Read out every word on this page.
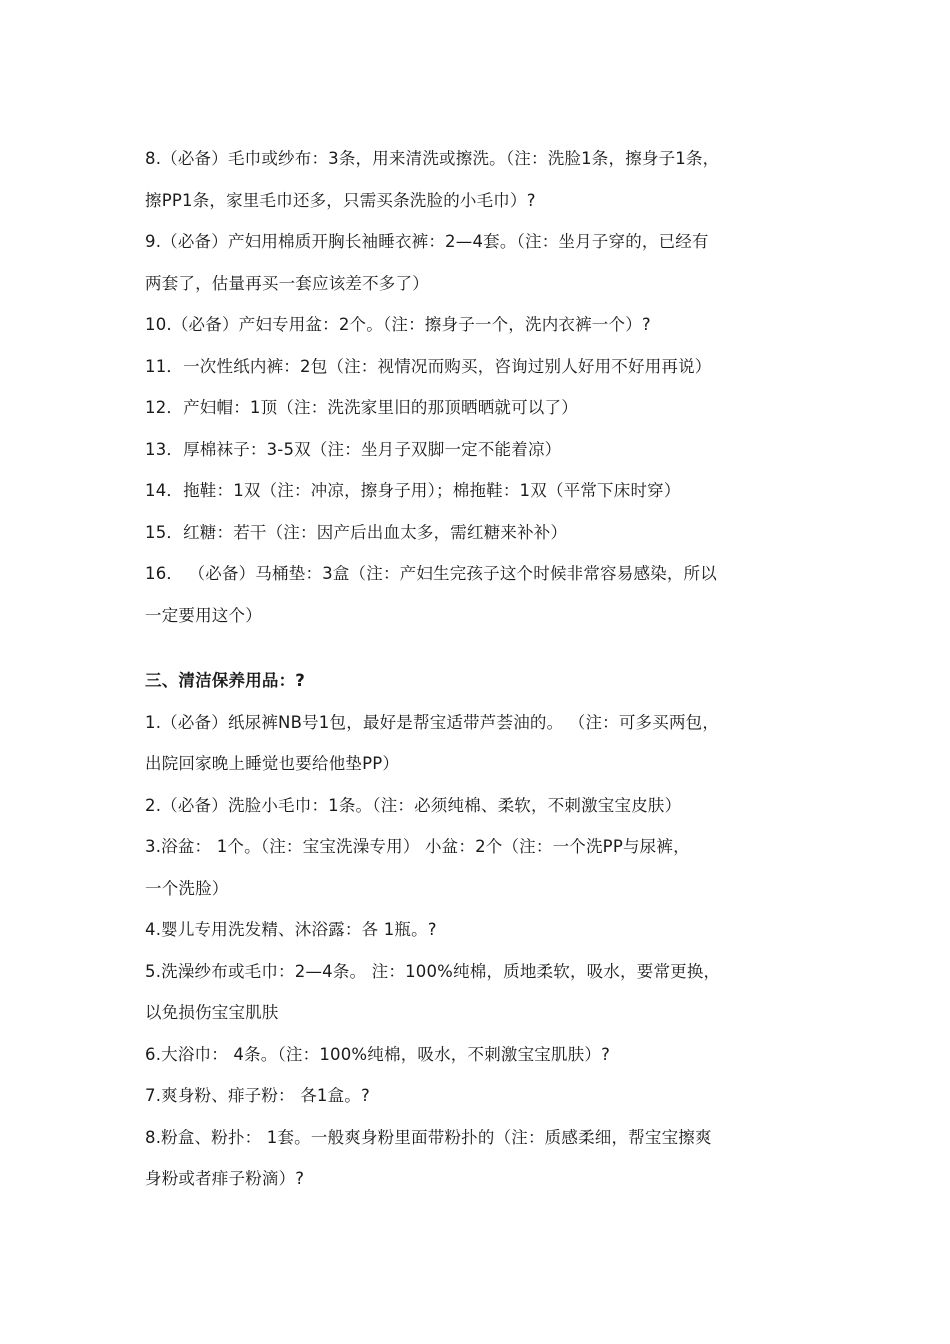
8.（必备）毛巾或纱布：3条，用来清洗或擦洗。（注：洗脸1条，擦身子1条，
擦PP1条，家里毛巾还多，只需买条洗脸的小毛巾）?
9.（必备）产妇用棉质开胸长袖睡衣裤：2—4套。（注：坐月子穿的，已经有
两套了，估量再买一套应该差不多了）
10.（必备）产妇专用盆：2个。（注：擦身子一个，洗内衣裤一个）?
11．一次性纸内裤：2包（注：视情况而购买，咨询过别人好用不好用再说）
12．产妇帽：1顶（注：洗洗家里旧的那顶晒晒就可以了）
13．厚棉袜子：3-5双（注：坐月子双脚一定不能着凉）
14．拖鞋：1双（注：冲凉，擦身子用）；棉拖鞋：1双（平常下床时穿）
15．红糖：若干（注：因产后出血太多，需红糖来补补）
16． （必备）马桶垫：3盒（注：产妇生完孩子这个时候非常容易感染，所以
一定要用这个）
三、清洁保养用品：?
1.（必备）纸尿裤NB号1包，最好是帮宝适带芦荟油的。 （注：可多买两包，
出院回家晚上睡觉也要给他垫PP）
2.（必备）洗脸小毛巾：1条。（注：必须纯棉、柔软，不刺激宝宝皮肤）
3.浴盆： 1个。（注：宝宝洗澡专用） 小盆：2个（注：一个洗PP与尿裤，
一个洗脸）
4.婴儿专用洗发精、沐浴露：各 1瓶。?
5.洗澡纱布或毛巾：2—4条。 注：100%纯棉，质地柔软，吸水，要常更换，
以免损伤宝宝肌肤
6.大浴巾： 4条。（注：100%纯棉，吸水，不刺激宝宝肌肤）?
7.爽身粉、痱子粉： 各1盒。?
8.粉盒、粉扑： 1套。一般爽身粉里面带粉扑的（注：质感柔细，帮宝宝擦爽
身粉或者痱子粉滴）?
